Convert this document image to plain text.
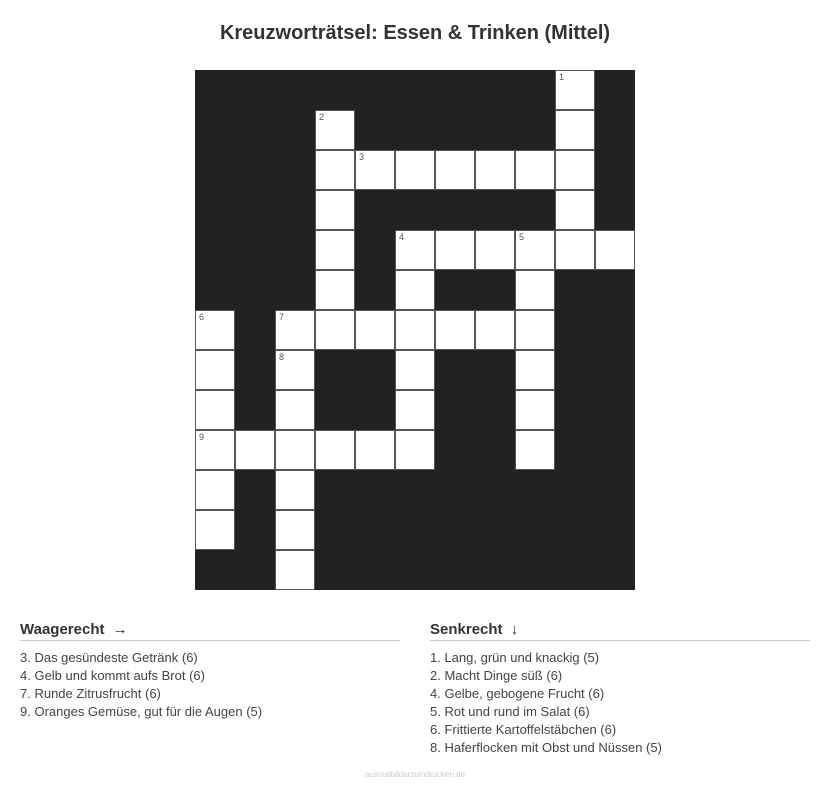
Kreuzworträtsel: Essen & Trinken (Mittel)
1
2
3
4	5
6	7
8
9
Waagerecht →
3. Das gesündeste Getränk (6)
4. Gelb und kommt aufs Brot (6)
7. Runde Zitrusfrucht (6)
9. Oranges Gemüse, gut für die Augen (5)
Senkrecht ↓
1. Lang, grün und knackig (5)
2. Macht Dinge süß (6)
4. Gelbe, gebogene Frucht (6)
5. Rot und rund im Salat (6)
6. Frittierte Kartoffelstäbchen (6)
8. Haferflocken mit Obst und Nüssen (5)
ausmalbilderzumdrucken.de
